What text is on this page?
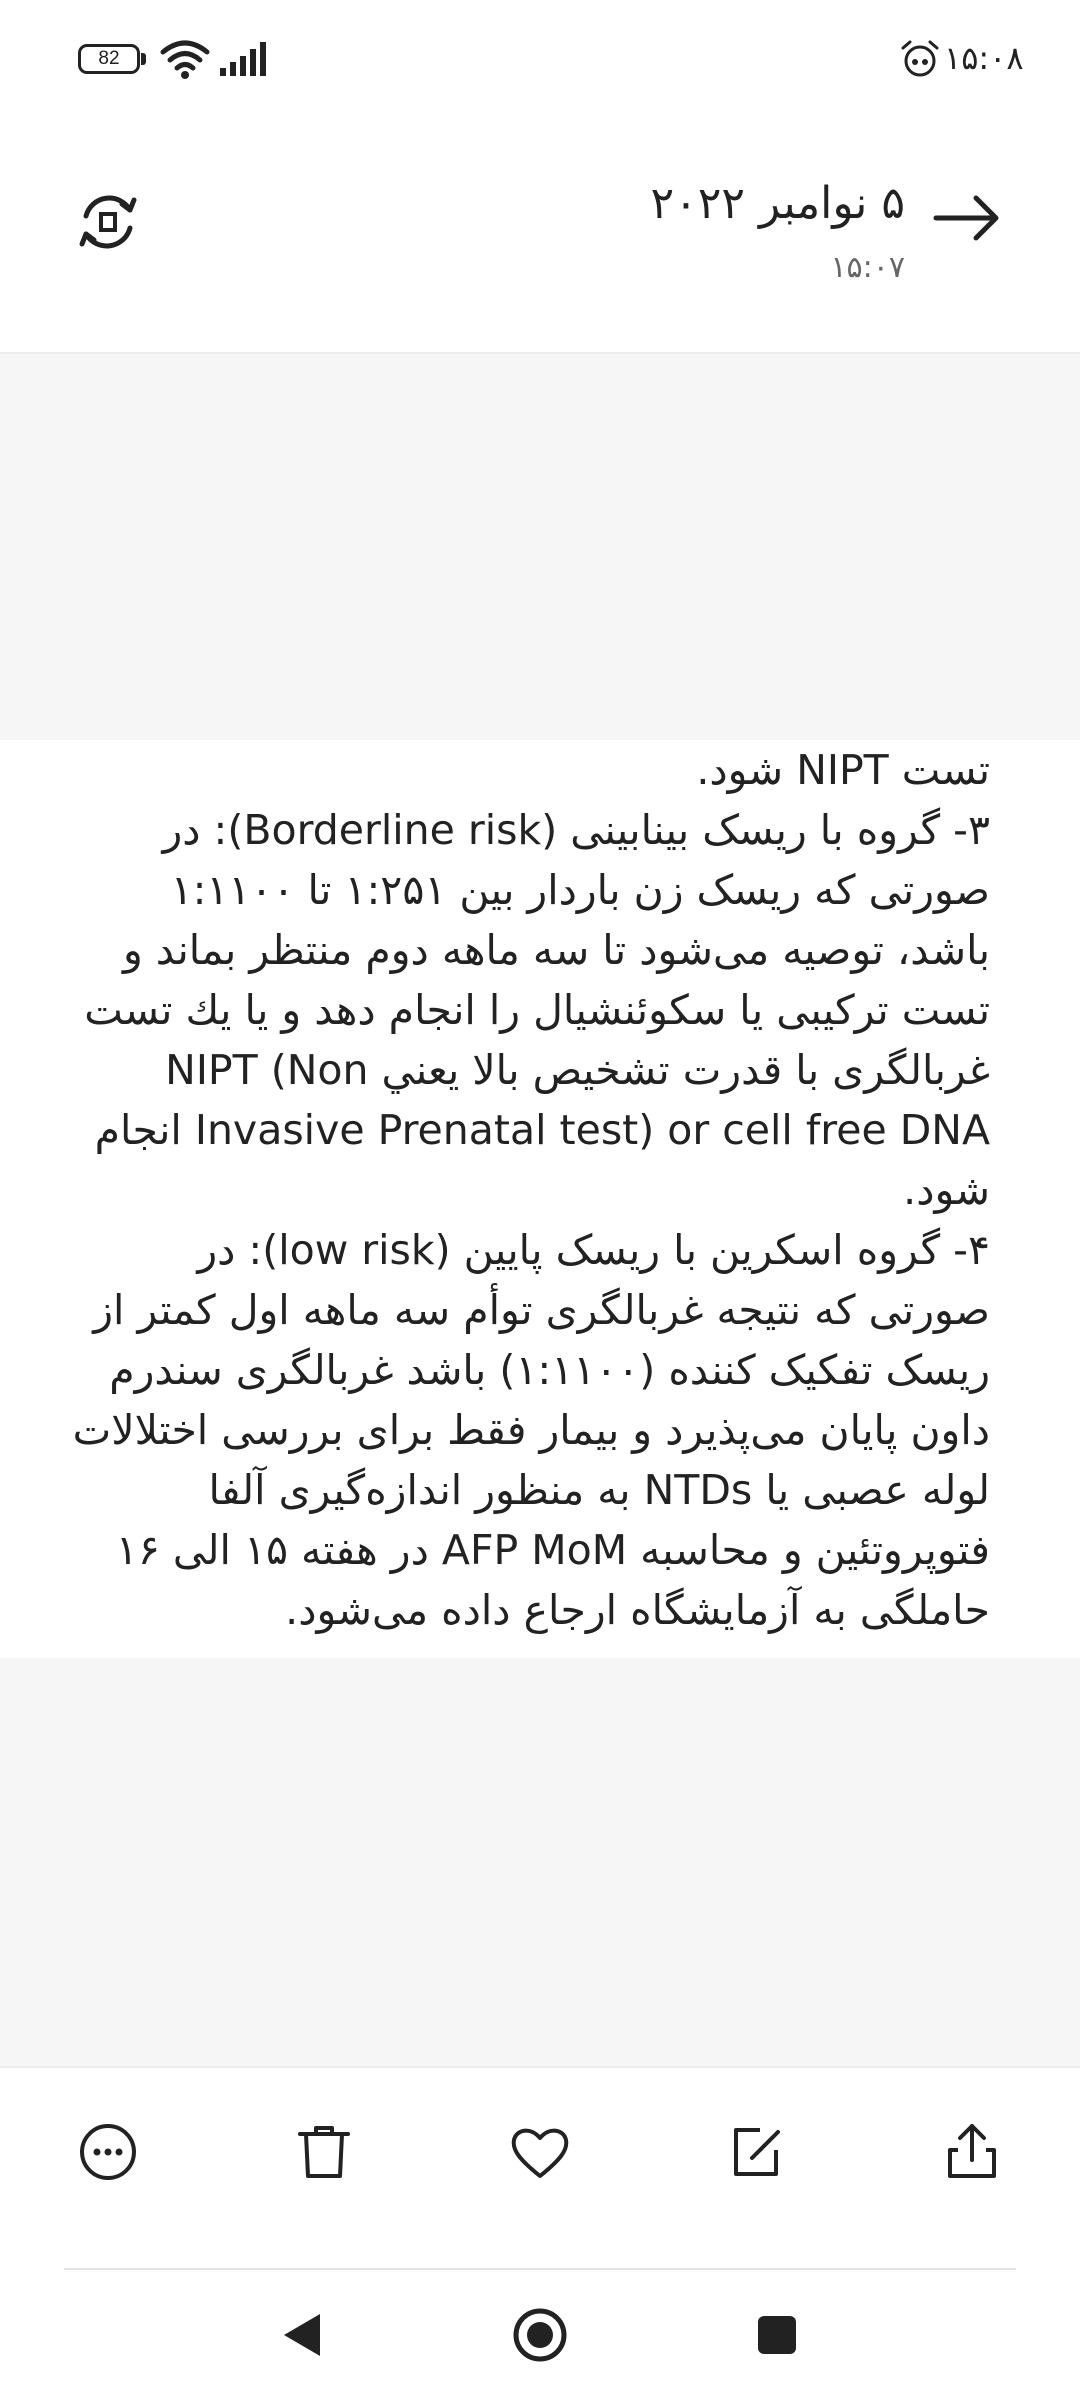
82	۱۵:۰۸
۵ نوامبر ۲۰۲۲
۱۵:۰۷

تست NIPT شود.
۳- گروه با ریسک بینابینی (Borderline risk): در صورتی که ریسک زن باردار بین ۱:۲۵۱ تا ۱:۱۱۰۰ باشد، توصیه می‌شود تا سه ماهه دوم منتظر بماند و تست ترکیبی یا سکوئنشیال را انجام دهد و یا یك تست غربالگری با قدرت تشخیص بالا یعني NIPT (Non Invasive Prenatal test) or cell free DNA انجام شود.
۴- گروه اسکرین با ریسک پایین (low risk): در صورتی که نتیجه غربالگری توأم سه ماهه اول کمتر از ریسک تفکیک کننده (۱:۱۱۰۰) باشد غربالگری سندرم داون پایان می‌پذیرد و بیمار فقط برای بررسی اختلالات لوله عصبی یا NTDs به منظور اندازه‌گیری آلفا فتوپروتئین و محاسبه AFP MoM در هفته ۱۵ الی ۱۶ حاملگی به آزمایشگاه ارجاع داده می‌شود.
